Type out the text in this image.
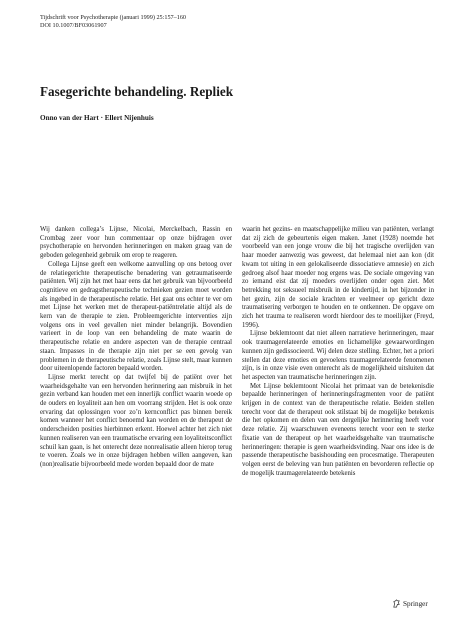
Tijdschrift voor Psychotherapie (januari 1999) 25:157–160
DOI 10.1007/BF03061907
Fasegerichte behandeling. Repliek
Onno van der Hart · Ellert Nijenhuis

Wij danken collega’s Lijnse, Nicolai, Merckelbach, Rassin en Crombag zeer voor hun commentaar op onze bijdragen over psychotherapie en hervonden herinneringen en maken graag van de geboden gelegenheid gebruik om erop te reageren.

Collega Lijnse geeft een welkome aanvulling op ons betoog over de relatiegerichte therapeutische benadering van getraumatiseerde patiënten. Wij zijn het met haar eens dat het gebruik van bijvoorbeeld cognitieve en gedragstherapeutische technieken gezien moet worden als ingebed in de therapeutische relatie. Het gaat ons echter te ver om met Lijnse het werken met de therapeut-patiëntrelatie altijd als de kern van de therapie te zien. Probleemgerichte interventies zijn volgens ons in veel gevallen niet minder belangrijk. Bovendien varieert in de loop van een behandeling de mate waarin de therapeutische relatie en andere aspecten van de therapie centraal staan. Impasses in de therapie zijn niet per se een gevolg van problemen in de therapeutische relatie, zoals Lijnse stelt, maar kunnen door uiteenlopende factoren bepaald worden.

Lijnse merkt terecht op dat twijfel bij de patiënt over het waarheidsgehalte van een hervonden herinnering aan misbruik in het gezin verband kan houden met een innerlijk conflict waarin woede op de ouders en loyaliteit aan hen om voorrang strijden. Het is ook onze ervaring dat oplossingen voor zo’n kernconflict pas binnen bereik komen wanneer het conflict benoemd kan worden en de therapeut de onderscheiden posities hierbinnen erkent. Hoewel achter het zich niet kunnen realiseren van een traumatische ervaring een loyaliteitsconflict schuil kan gaan, is het onterecht deze nonrealisatie alleen hierop terug te voeren. Zoals we in onze bijdragen hebben willen aangeven, kan (non)realisatie bijvoorbeeld mede worden bepaald door de mate

waarin het gezins- en maatschappelijke milieu van patiënten, verlangt dat zij zich de gebeurtenis eigen maken. Janet (1928) noemde het voorbeeld van een jonge vrouw die bij het tragische overlijden van haar moeder aanwezig was geweest, dat helemaal niet aan kon (dit kwam tot uiting in een gelokaliseerde dissociatieve amnesie) en zich gedroeg alsof haar moeder nog ergens was. De sociale omgeving van zo iemand eist dat zij moeders overlijden onder ogen ziet. Met betrekking tot seksueel misbruik in de kindertijd, in het bijzonder in het gezin, zijn de sociale krachten er veelmeer op gericht deze traumatisering verborgen te houden en te ontkennen. De opgave om zich het trauma te realiseren wordt hierdoor des te moeilijker (Freyd, 1996).

Lijnse beklemtoont dat niet alleen narratieve herinneringen, maar ook traumagerelateerde emoties en lichamelijke gewaarwordingen kunnen zijn gedissocieerd. Wij delen deze stelling. Echter, het a priori stellen dat deze emoties en gevoelens traumagerelateerde fenomenen zijn, is in onze visie even onterecht als de mogelijkheid uitsluiten dat het aspecten van traumatische herinneringen zijn.

Met Lijnse beklemtoont Nicolai het primaat van de betekenisdie bepaalde herinneringen of herinneringsfragmenten voor de patiënt krijgen in de context van de therapeutische relatie. Beiden stellen terecht voor dat de therapeut ook stilstaat bij de mogelijke betekenis die het opkomen en delen van een dergelijke herinnering heeft voor deze relatie. Zij waarschuwen eveneens terecht voor een te sterke fixatie van de therapeut op het waarheidsgehalte van traumatische herinneringen: therapie is geen waarheidsvinding. Naar ons idee is de passende therapeutische basishouding een procesmatige. Therapeuten volgen eerst de beleving van hun patiënten en bevorderen reflectie op de mogelijk traumagerelateerde betekenis

Springer
